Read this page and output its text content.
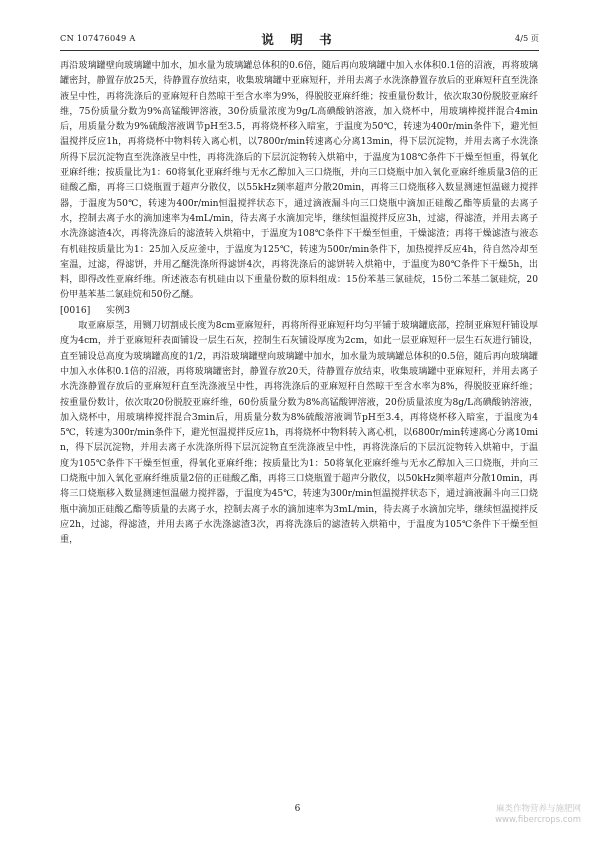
CN 107476049 A	说 明 书	4/5 页

再沿玻璃罐壁向玻璃罐中加水，加水量为玻璃罐总体积的0.6倍，随后再向玻璃罐中加入水体积0.1倍的沼液，再将玻璃罐密封，静置存放25天，待静置存放结束，收集玻璃罐中亚麻短秆，并用去离子水洗涤静置存放后的亚麻短秆直至洗涤液呈中性，再将洗涤后的亚麻短秆自然晾干至含水率为9%，得脱胶亚麻纤维；按重量份数计，依次取30份脱胶亚麻纤维，75份质量分数为9%高锰酸钾溶液，30份质量浓度为9g/L高碘酸钠溶液，加入烧杯中，用玻璃棒搅拌混合4min后，用质量分数为9%硫酸溶液调节pH至3.5，再将烧杯移入暗室，于温度为50℃，转速为400r/min条件下，避光恒温搅拌反应1h，再将烧杯中物料转入离心机，以7800r/min转速离心分离13min，得下层沉淀物，并用去离子水洗涤所得下层沉淀物直至洗涤液呈中性，再将洗涤后的下层沉淀物转入烘箱中，于温度为108℃条件下干燥至恒重，得氧化亚麻纤维；按质量比为1：60将氧化亚麻纤维与无水乙醇加入三口烧瓶，并向三口烧瓶中加入氧化亚麻纤维质量3倍的正硅酸乙酯，再将三口烧瓶置于超声分散仪，以55kHz频率超声分散20min，再将三口烧瓶移入数显测速恒温磁力搅拌器，于温度为50℃，转速为400r/min恒温搅拌状态下，通过滴液漏斗向三口烧瓶中滴加正硅酸乙酯等质量的去离子水，控制去离子水的滴加速率为4mL/min，待去离子水滴加完毕，继续恒温搅拌反应3h，过滤，得滤渣，并用去离子水洗涤滤渣4次，再将洗涤后的滤渣转入烘箱中，于温度为108℃条件下干燥至恒重，干燥滤渣；再将干燥滤渣与液态有机硅按质量比为1：25加入反应釜中，于温度为125℃，转速为500r/min条件下，加热搅拌反应4h，待自然冷却至室温，过滤，得滤饼，并用乙醚洗涤所得滤饼4次，再将洗涤后的滤饼转入烘箱中，于温度为80℃条件下干燥5h，出料，即得改性亚麻纤维。所述液态有机硅由以下重量份数的原料组成：15份苯基三氯硅烷，15份二苯基二氯硅烷，20份甲基苯基二氯硅烷和50份乙醚。

[0016] 实例3

取亚麻原茎，用铡刀切割成长度为8cm亚麻短秆，再将所得亚麻短秆均匀平铺于玻璃罐底部，控制亚麻短秆铺设厚度为4cm，并于亚麻短秆表面铺设一层生石灰，控制生石灰铺设厚度为2cm，如此一层亚麻短秆一层生石灰进行铺设，直至铺设总高度为玻璃罐高度的1/2，再沿玻璃罐壁向玻璃罐中加水，加水量为玻璃罐总体积的0.5倍，随后再向玻璃罐中加入水体积0.1倍的沼液，再将玻璃罐密封，静置存放20天，待静置存放结束，收集玻璃罐中亚麻短秆，并用去离子水洗涤静置存放后的亚麻短秆直至洗涤液呈中性，再将洗涤后的亚麻短秆自然晾干至含水率为8%，得脱胶亚麻纤维；按重量份数计，依次取20份脱胶亚麻纤维，60份质量分数为8%高锰酸钾溶液，20份质量浓度为8g/L高碘酸钠溶液，加入烧杯中，用玻璃棒搅拌混合3min后，用质量分数为8%硫酸溶液调节pH至3.4，再将烧杯移入暗室，于温度为45℃，转速为300r/min条件下，避光恒温搅拌反应1h，再将烧杯中物料转入离心机，以6800r/min转速离心分离10min，得下层沉淀物，并用去离子水洗涤所得下层沉淀物直至洗涤液呈中性，再将洗涤后的下层沉淀物转入烘箱中，于温度为105℃条件下干燥至恒重，得氧化亚麻纤维；按质量比为1：50将氧化亚麻纤维与无水乙醇加入三口烧瓶，并向三口烧瓶中加入氧化亚麻纤维质量2倍的正硅酸乙酯，再将三口烧瓶置于超声分散仪，以50kHz频率超声分散10min，再将三口烧瓶移入数显测速恒温磁力搅拌器，于温度为45℃，转速为300r/min恒温搅拌状态下，通过滴液漏斗向三口烧瓶中滴加正硅酸乙酯等质量的去离子水，控制去离子水的滴加速率为3mL/min，待去离子水滴加完毕，继续恒温搅拌反应2h，过滤，得滤渣，并用去离子水洗涤滤渣3次，再将洗涤后的滤渣转入烘箱中，于温度为105℃条件下干燥至恒重，

6	麻类作物营养与施肥网
www.fibercrops.com
